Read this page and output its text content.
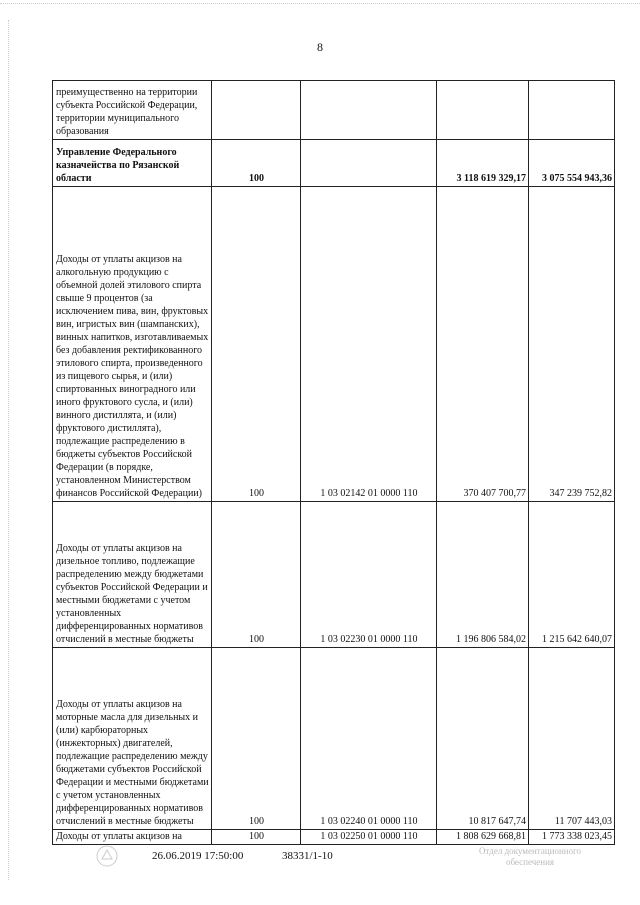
8
преимущественно на территории субъекта Российской Федерации, территории муниципального образования				
Управление Федерального казначейства по Рязанской области	100		3 118 619 329,17	3 075 554 943,36
Доходы от уплаты акцизов на алкогольную продукцию с объемной долей этилового спирта свыше 9 процентов (за исключением пива, вин, фруктовых вин, игристых вин (шампанских), винных напитков, изготавливаемых без добавления ректификованного этилового спирта, произведенного из пищевого сырья, и (или) спиртованных виноградного или иного фруктового сусла, и (или) винного дистиллята, и (или) фруктового дистиллята), подлежащие распределению в бюджеты субъектов Российской Федерации (в порядке, установленном Министерством финансов Российской Федерации)	100	1 03 02142 01 0000 110	370 407 700,77	347 239 752,82
Доходы от уплаты акцизов на дизельное топливо, подлежащие распределению между бюджетами субъектов Российской Федерации и местными бюджетами с учетом установленных дифференцированных нормативов отчислений в местные бюджеты	100	1 03 02230 01 0000 110	1 196 806 584,02	1 215 642 640,07
Доходы от уплаты акцизов на моторные масла для дизельных и (или) карбюраторных (инжекторных) двигателей, подлежащие распределению между бюджетами субъектов Российской Федерации и местными бюджетами с учетом установленных дифференцированных нормативов отчислений в местные бюджеты	100	1 03 02240 01 0000 110	10 817 647,74	11 707 443,03
Доходы от уплаты акцизов на	100	1 03 02250 01 0000 110	1 808 629 668,81	1 773 338 023,45
26.06.2019 17:50:00	38331/1-10	Отдел документационного обеспечения
